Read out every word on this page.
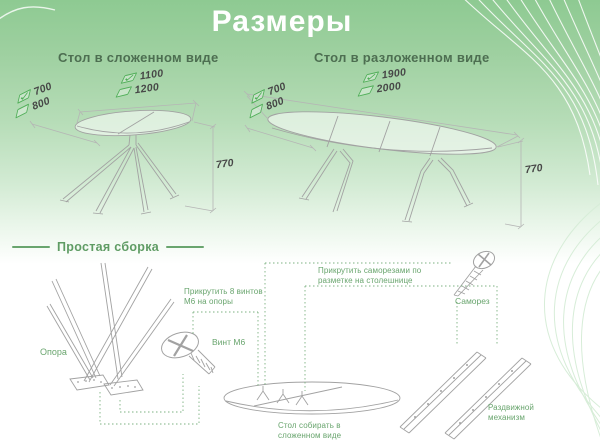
Размеры
Стол в сложенном виде	Стол в разложенном виде
1100
1200
700
800
1900
2000
700
800
770	770
Простая сборка
Опора
Винт М6
Прикрутить 8 винтов М6 на опоры
Прикрутить саморезами по разметке на столешнице
Саморез
Раздвижной механизм
Стол собирать в сложенном виде
